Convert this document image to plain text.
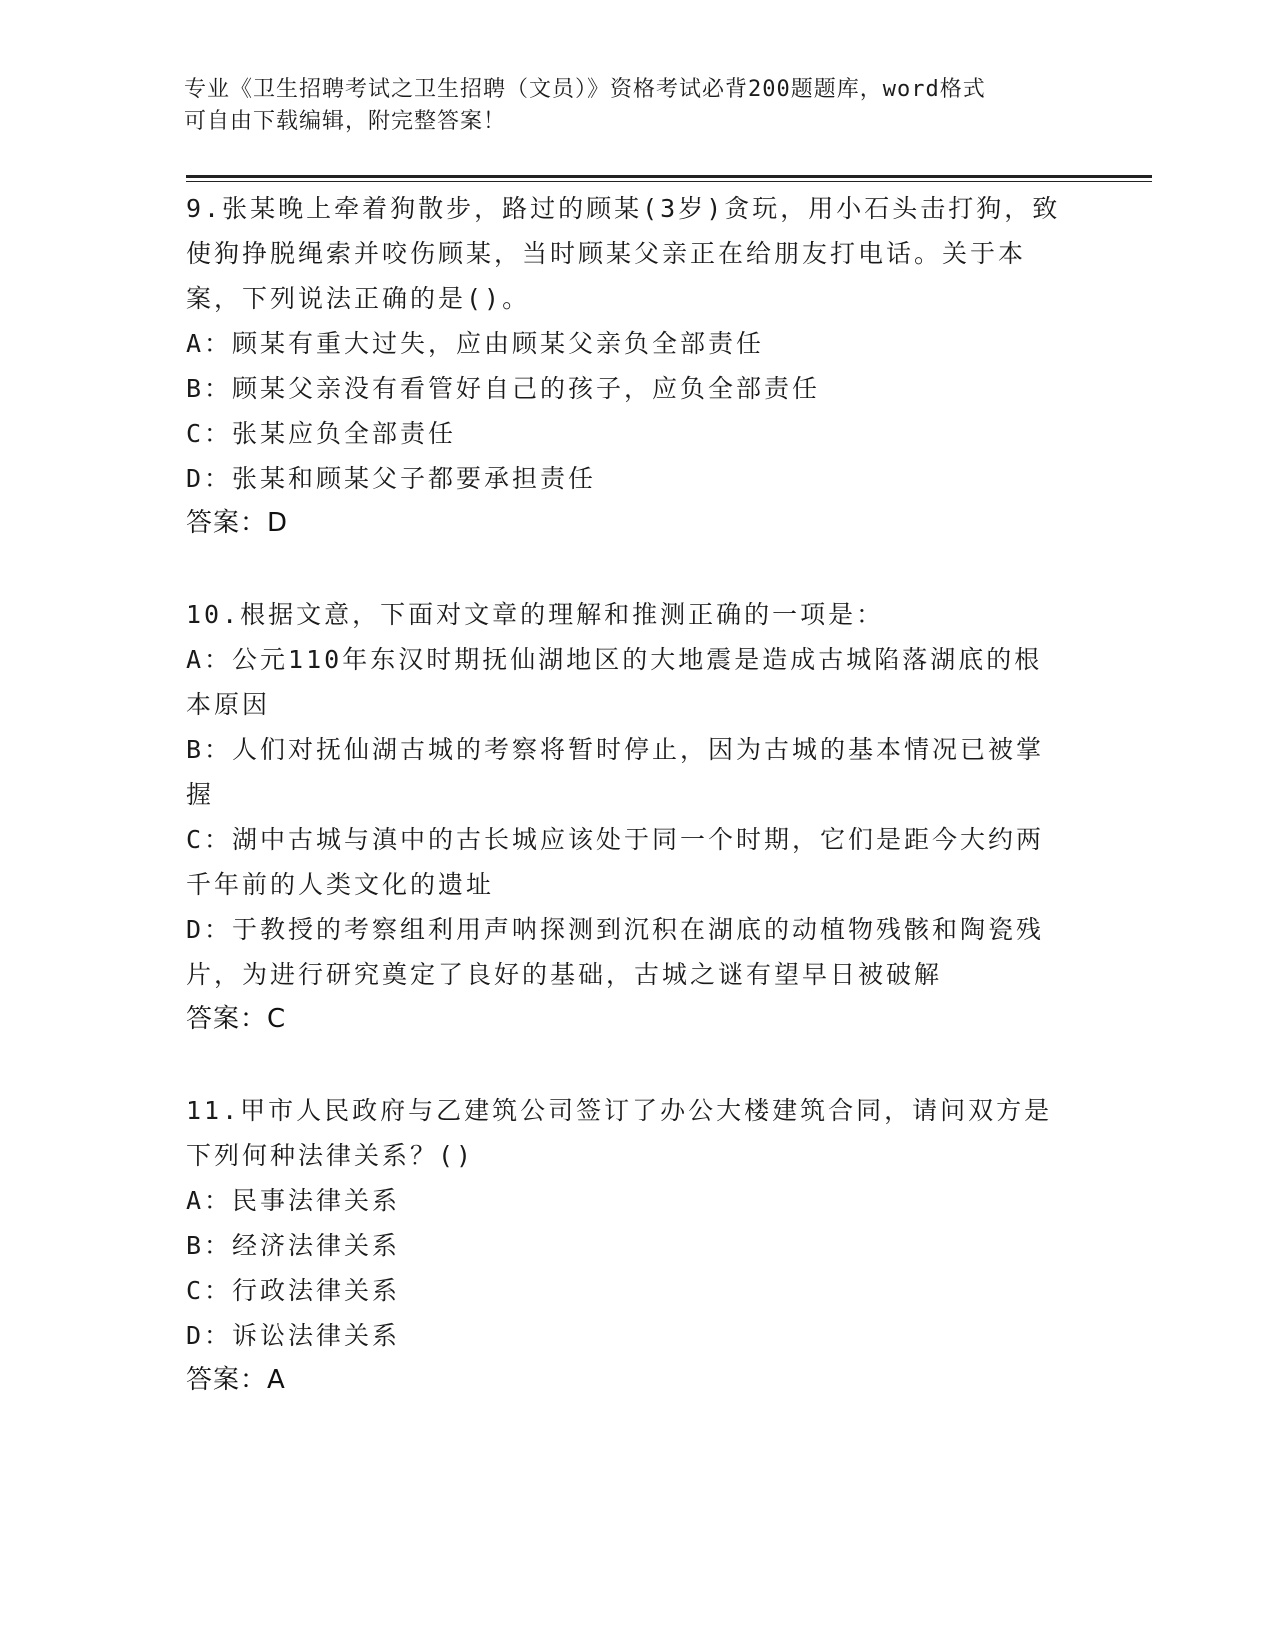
专业《卫生招聘考试之卫生招聘（文员）》资格考试必背200题题库，word格式
可自由下载编辑，附完整答案！
9.张某晚上牵着狗散步，路过的顾某(3岁)贪玩，用小石头击打狗，致
使狗挣脱绳索并咬伤顾某，当时顾某父亲正在给朋友打电话。关于本
案，下列说法正确的是()。
A：顾某有重大过失，应由顾某父亲负全部责任
B：顾某父亲没有看管好自己的孩子，应负全部责任
C：张某应负全部责任
D：张某和顾某父子都要承担责任
答案：D
10.根据文意，下面对文章的理解和推测正确的一项是：
A：公元110年东汉时期抚仙湖地区的大地震是造成古城陷落湖底的根
本原因
B：人们对抚仙湖古城的考察将暂时停止，因为古城的基本情况已被掌
握
C：湖中古城与滇中的古长城应该处于同一个时期，它们是距今大约两
千年前的人类文化的遗址
D：于教授的考察组利用声呐探测到沉积在湖底的动植物残骸和陶瓷残
片，为进行研究奠定了良好的基础，古城之谜有望早日被破解
答案：C
11.甲市人民政府与乙建筑公司签订了办公大楼建筑合同，请问双方是
下列何种法律关系？()
A：民事法律关系
B：经济法律关系
C：行政法律关系
D：诉讼法律关系
答案：A
